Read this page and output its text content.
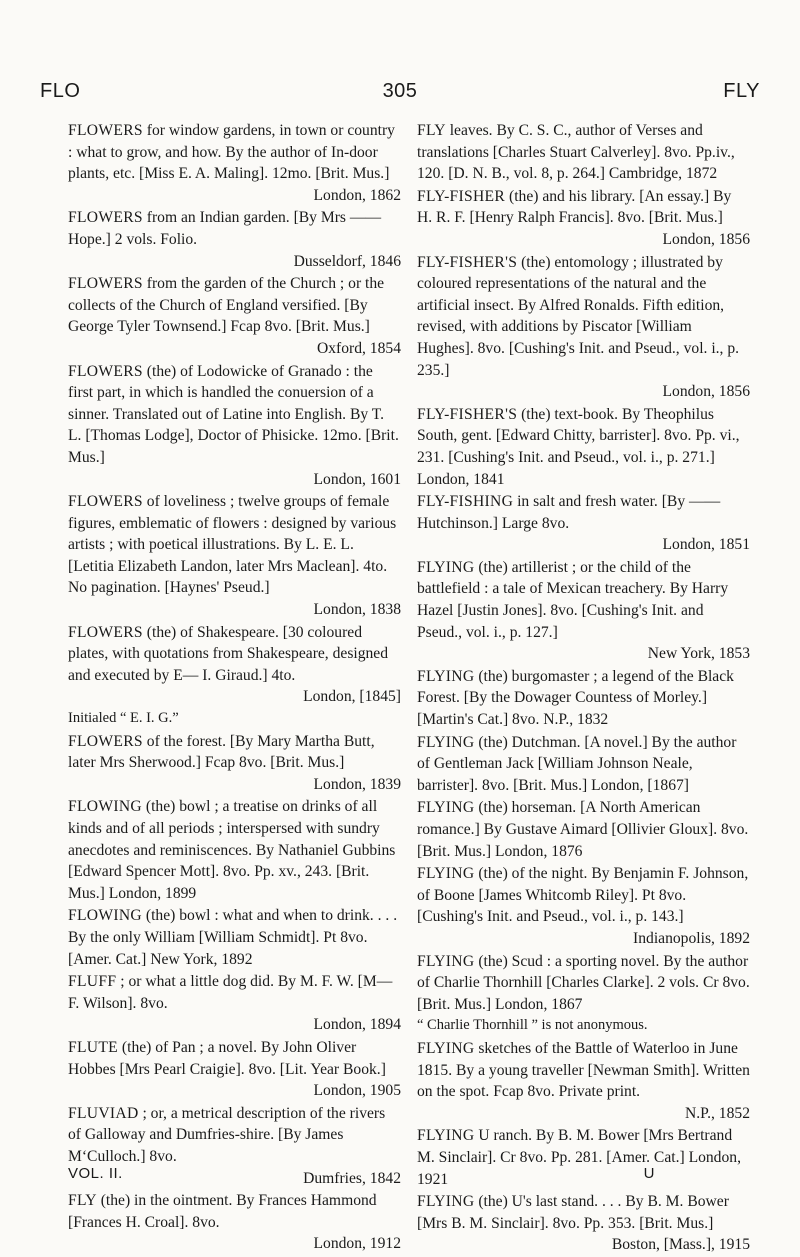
FLO	305	FLY
FLOWERS for window gardens, in town or country : what to grow, and how. By the author of In-door plants, etc. [Miss E. A. Maling]. 12mo. [Brit. Mus.]
London, 1862
FLOWERS from an Indian garden. [By Mrs —— Hope.] 2 vols. Folio.
Dusseldorf, 1846
FLOWERS from the garden of the Church ; or the collects of the Church of England versified. [By George Tyler Townsend.] Fcap 8vo. [Brit. Mus.]
Oxford, 1854
FLOWERS (the) of Lodowicke of Granado : the first part, in which is handled the conuersion of a sinner. Translated out of Latine into English. By T. L. [Thomas Lodge], Doctor of Phisicke. 12mo. [Brit. Mus.]
London, 1601
FLOWERS of loveliness ; twelve groups of female figures, emblematic of flowers : designed by various artists ; with poetical illustrations. By L. E. L. [Letitia Elizabeth Landon, later Mrs Maclean]. 4to. No pagination. [Haynes' Pseud.]
London, 1838
FLOWERS (the) of Shakespeare. [30 coloured plates, with quotations from Shakespeare, designed and executed by E— I. Giraud.] 4to.
London, [1845]
Initialed “ E. I. G.”
FLOWERS of the forest. [By Mary Martha Butt, later Mrs Sherwood.] Fcap 8vo. [Brit. Mus.]
London, 1839
FLOWING (the) bowl ; a treatise on drinks of all kinds and of all periods ; interspersed with sundry anecdotes and reminiscences. By Nathaniel Gubbins [Edward Spencer Mott]. 8vo. Pp. xv., 243. [Brit. Mus.] London, 1899
FLOWING (the) bowl : what and when to drink. . . . By the only William [William Schmidt]. Pt 8vo. [Amer. Cat.] New York, 1892
FLUFF ; or what a little dog did. By M. F. W. [M— F. Wilson]. 8vo.
London, 1894
FLUTE (the) of Pan ; a novel. By John Oliver Hobbes [Mrs Pearl Craigie]. 8vo. [Lit. Year Book.]
London, 1905
FLUVIAD ; or, a metrical description of the rivers of Galloway and Dumfries-shire. [By James M‘Culloch.] 8vo.
Dumfries, 1842
FLY (the) in the ointment. By Frances Hammond [Frances H. Croal]. 8vo.
London, 1912
FLY leaves. By C. S. C., author of Verses and translations [Charles Stuart Calverley]. 8vo. Pp.iv., 120. [D. N. B., vol. 8, p. 264.] Cambridge, 1872
FLY-FISHER (the) and his library. [An essay.] By H. R. F. [Henry Ralph Francis]. 8vo. [Brit. Mus.]
London, 1856
FLY-FISHER'S (the) entomology ; illustrated by coloured representations of the natural and the artificial insect. By Alfred Ronalds. Fifth edition, revised, with additions by Piscator [William Hughes]. 8vo. [Cushing's Init. and Pseud., vol. i., p. 235.]
London, 1856
FLY-FISHER'S (the) text-book. By Theophilus South, gent. [Edward Chitty, barrister]. 8vo. Pp. vi., 231. [Cushing's Init. and Pseud., vol. i., p. 271.] London, 1841
FLY-FISHING in salt and fresh water. [By —— Hutchinson.] Large 8vo.
London, 1851
FLYING (the) artillerist ; or the child of the battlefield : a tale of Mexican treachery. By Harry Hazel [Justin Jones]. 8vo. [Cushing's Init. and Pseud., vol. i., p. 127.]
New York, 1853
FLYING (the) burgomaster ; a legend of the Black Forest. [By the Dowager Countess of Morley.] [Martin's Cat.] 8vo. N.P., 1832
FLYING (the) Dutchman. [A novel.] By the author of Gentleman Jack [William Johnson Neale, barrister]. 8vo. [Brit. Mus.] London, [1867]
FLYING (the) horseman. [A North American romance.] By Gustave Aimard [Ollivier Gloux]. 8vo. [Brit. Mus.] London, 1876
FLYING (the) of the night. By Benjamin F. Johnson, of Boone [James Whitcomb Riley]. Pt 8vo. [Cushing's Init. and Pseud., vol. i., p. 143.]
Indianopolis, 1892
FLYING (the) Scud : a sporting novel. By the author of Charlie Thornhill [Charles Clarke]. 2 vols. Cr 8vo. [Brit. Mus.] London, 1867
“ Charlie Thornhill ” is not anonymous.
FLYING sketches of the Battle of Waterloo in June 1815. By a young traveller [Newman Smith]. Written on the spot. Fcap 8vo. Private print.
N.P., 1852
FLYING U ranch. By B. M. Bower [Mrs Bertrand M. Sinclair]. Cr 8vo. Pp. 281. [Amer. Cat.] London, 1921
FLYING (the) U's last stand. . . . By B. M. Bower [Mrs B. M. Sinclair]. 8vo. Pp. 353. [Brit. Mus.]
Boston, [Mass.], 1915
VOL. II.	U
